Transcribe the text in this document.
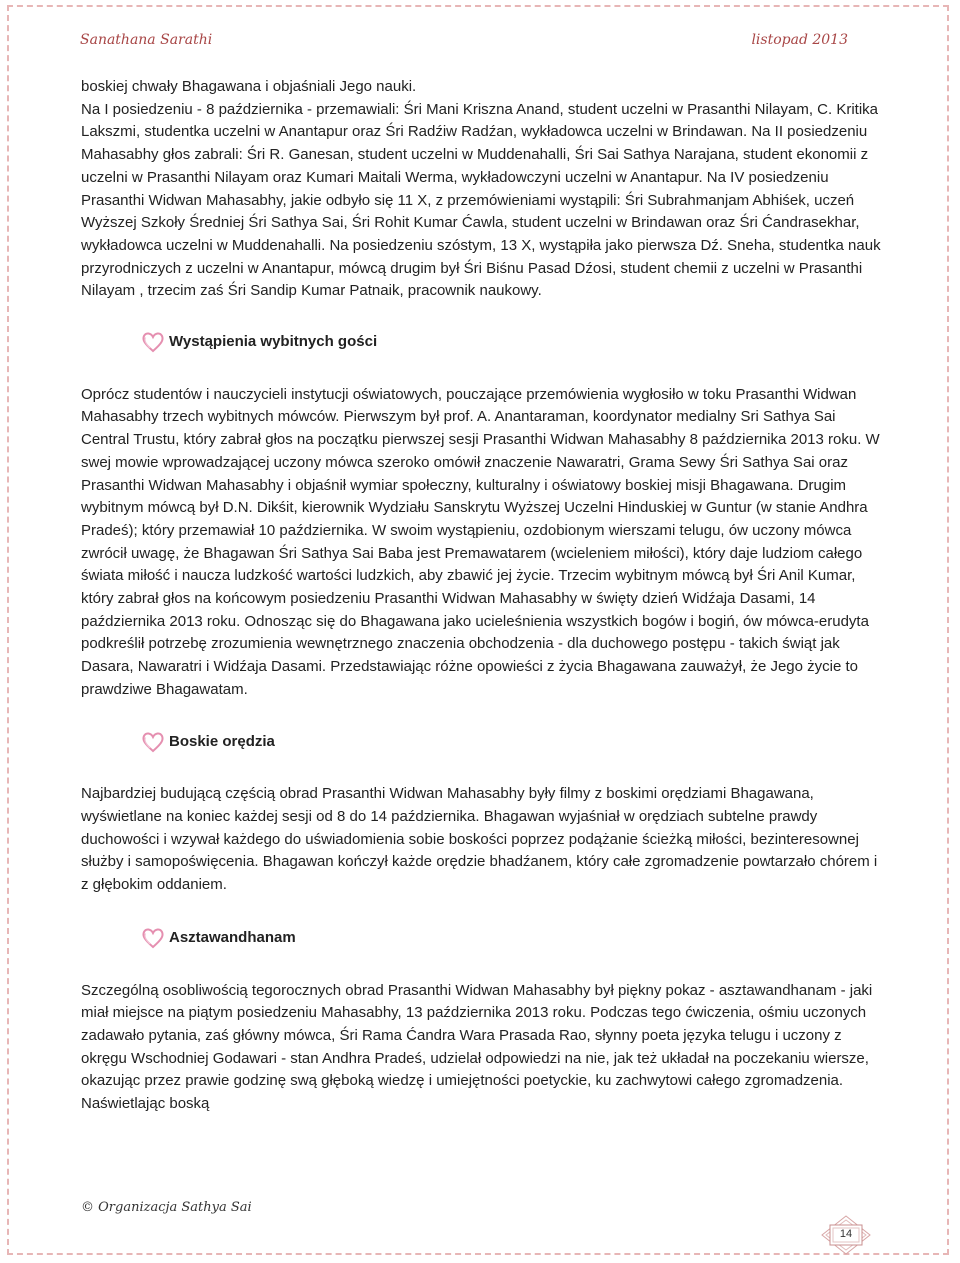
Sanathana Sarathi	listopad 2013

boskiej chwały Bhagawana i objaśniali Jego nauki.

Na I posiedzeniu - 8 października - przemawiali: Śri Mani Kriszna Anand, student uczelni w Prasanthi Nilayam, C. Kritika Lakszmi, studentka uczelni w Anantapur oraz Śri Radźiw Radźan, wykładowca uczelni w Brindawan. Na II posiedzeniu Mahasabhy głos zabrali: Śri R. Ganesan, student uczelni w Muddenahalli, Śri Sai Sathya Narajana, student ekonomii z uczelni w Prasanthi Nilayam oraz Kumari Maitali Werma, wykładowczyni uczelni w Anantapur. Na IV posiedzeniu Prasanthi Widwan Mahasabhy, jakie odbyło się 11 X, z przemówieniami wystąpili: Śri Subrahmanjam Abhiśek, uczeń Wyższej Szkoły Średniej Śri Sathya Sai, Śri Rohit Kumar Ćawla, student uczelni w Brindawan oraz Śri Ćandrasekhar, wykładowca uczelni w Muddenahalli. Na posiedzeniu szóstym, 13 X, wystąpiła jako pierwsza Dź. Sneha, studentka nauk przyrodniczych z uczelni w Anantapur, mówcą drugim był Śri Biśnu Pasad Dźosi, student chemii z uczelni w Prasanthi Nilayam , trzecim zaś Śri Sandip Kumar Patnaik, pracownik naukowy.

Wystąpienia wybitnych gości

Oprócz studentów i nauczycieli instytucji oświatowych, pouczające przemówienia wygłosiło w toku Prasanthi Widwan Mahasabhy trzech wybitnych mówców. Pierwszym był prof. A. Anantaraman, koordynator medialny Sri Sathya Sai Central Trustu, który zabrał głos na początku pierwszej sesji Prasanthi Widwan Mahasabhy 8 października 2013 roku. W swej mowie wprowadzającej uczony mówca szeroko omówił znaczenie Nawaratri, Grama Sewy Śri Sathya Sai oraz Prasanthi Widwan Mahasabhy i objaśnił wymiar społeczny, kulturalny i oświatowy boskiej misji Bhagawana. Drugim wybitnym mówcą był D.N. Dikśit, kierownik Wydziału Sanskrytu Wyższej Uczelni Hinduskiej w Guntur (w stanie Andhra Pradeś); który przemawiał 10 października. W swoim wystąpieniu, ozdobionym wierszami telugu, ów uczony mówca zwrócił uwagę, że Bhagawan Śri Sathya Sai Baba jest Premawatarem (wcieleniem miłości), który daje ludziom całego świata miłość i naucza ludzkość wartości ludzkich, aby zbawić jej życie. Trzecim wybitnym mówcą był Śri Anil Kumar, który zabrał głos na końcowym posiedzeniu Prasanthi Widwan Mahasabhy w święty dzień Widźaja Dasami, 14 października 2013 roku. Odnosząc się do Bhagawana jako ucieleśnienia wszystkich bogów i bogiń, ów mówca-erudyta podkreślił potrzebę zrozumienia wewnętrznego znaczenia obchodzenia - dla duchowego postępu - takich świąt jak Dasara, Nawaratri i Widźaja Dasami. Przedstawiając różne opowieści z życia Bhagawana zauważył, że Jego życie to prawdziwe Bhagawatam.

Boskie orędzia

Najbardziej budującą częścią obrad Prasanthi Widwan Mahasabhy były filmy z boskimi orędziami Bhagawana, wyświetlane na koniec każdej sesji od 8 do 14 października. Bhagawan wyjaśniał w orędziach subtelne prawdy duchowości i wzywał każdego do uświadomienia sobie boskości poprzez podążanie ścieżką miłości, bezinteresownej służby i samopoświęcenia. Bhagawan kończył każde orędzie bhadźanem, który całe zgromadzenie powtarzało chórem i z głębokim oddaniem.

Asztawandhanam

Szczególną osobliwością tegorocznych obrad Prasanthi Widwan Mahasabhy był piękny pokaz - asztawandhanam - jaki miał miejsce na piątym posiedzeniu Mahasabhy, 13 października 2013 roku. Podczas tego ćwiczenia, ośmiu uczonych zadawało pytania, zaś główny mówca, Śri Rama Ćandra Wara Prasada Rao, słynny poeta języka telugu i uczony z okręgu Wschodniej Godawari - stan Andhra Pradeś, udzielał odpowiedzi na nie, jak też układał na poczekaniu wiersze, okazując przez prawie godzinę swą głęboką wiedzę i umiejętności poetyckie, ku zachwytowi całego zgromadzenia. Naświetlając boską

© Organizacja Sathya Sai
14
